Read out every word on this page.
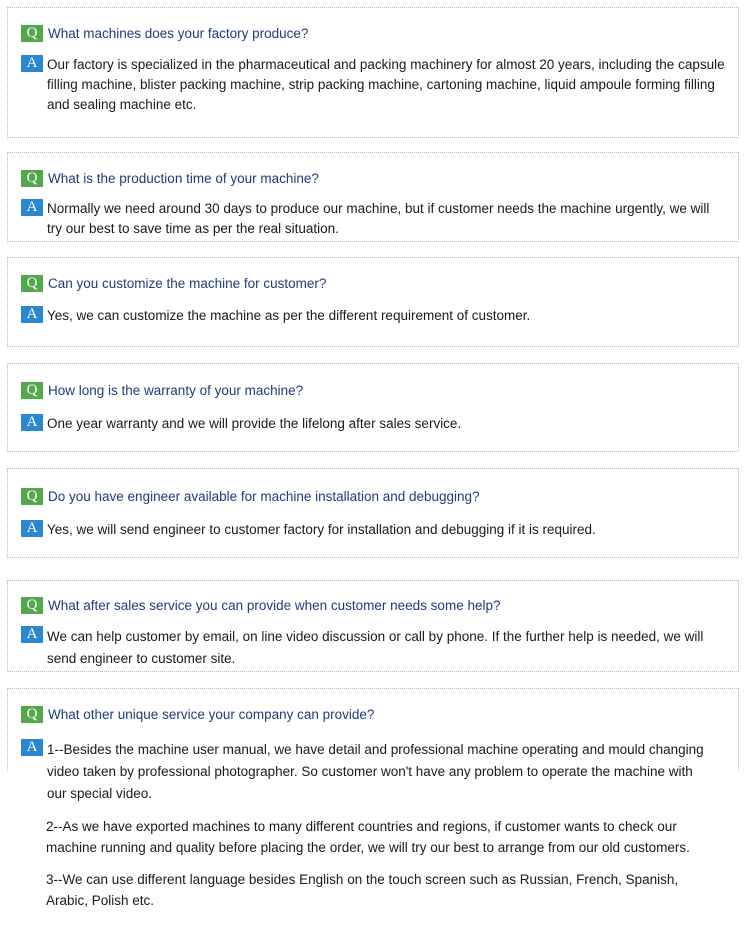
Q What machines does your factory produce?
A Our factory is specialized in the pharmaceutical and packing machinery for almost 20 years, including the capsule filling machine, blister packing machine, strip packing machine, cartoning machine, liquid ampoule forming filling and sealing machine etc.
Q What is the production time of your machine?
A Normally we need around 30 days to produce our machine, but if customer needs the machine urgently, we will try our best to save time as per the real situation.
Q Can you customize the machine for customer?
A Yes, we can customize the machine as per the different requirement of customer.
Q How long is the warranty of your machine?
A One year warranty and we will provide the lifelong after sales service.
Q Do you have engineer available for machine installation and debugging?
A Yes, we will send engineer to customer factory for installation and debugging if it is required.
Q What after sales service you can provide when customer needs some help?
A We can help customer by email, on line video discussion or call by phone. If the further help is needed, we will send engineer to customer site.
Q What other unique service your company can provide?
A 1--Besides the machine user manual, we have detail and professional machine operating and mould changing video taken by professional photographer. So customer won't have any problem to operate the machine with our special video.
2--As we have exported machines to many different countries and regions, if customer wants to check our machine running and quality before placing the order, we will try our best to arrange from our old customers.
3--We can use different language besides English on the touch screen such as Russian, French, Spanish, Arabic, Polish etc.
